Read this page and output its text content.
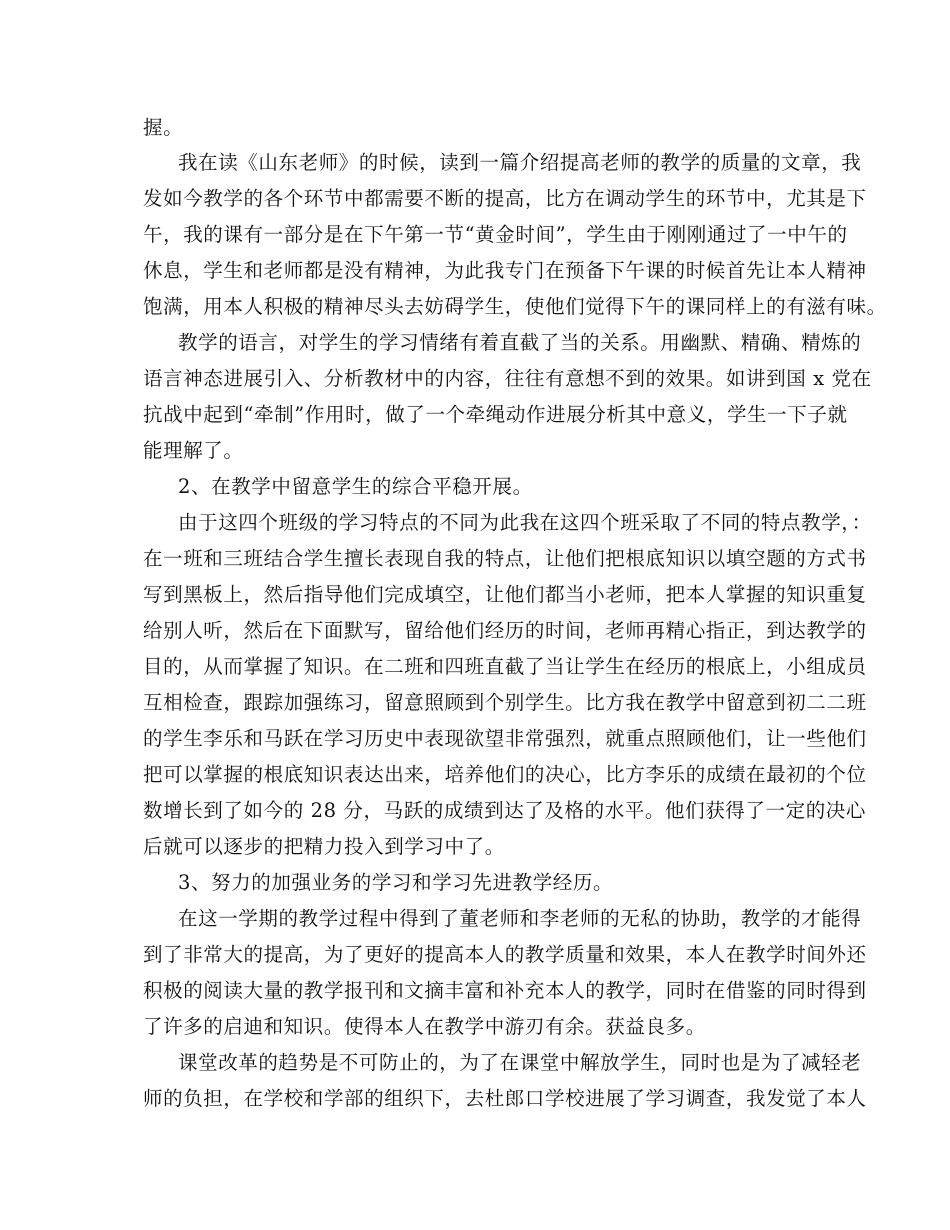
握。
我在读《山东老师》的时候，读到一篇介绍提高老师的教学的质量的文章，我
发如今教学的各个环节中都需要不断的提高，比方在调动学生的环节中，尤其是下
午，我的课有一部分是在下午第一节“黄金时间”，学生由于刚刚通过了一中午的
休息，学生和老师都是没有精神，为此我专门在预备下午课的时候首先让本人精神
饱满，用本人积极的精神尽头去妨碍学生，使他们觉得下午的课同样上的有滋有味。
教学的语言，对学生的学习情绪有着直截了当的关系。用幽默、精确、精炼的
语言神态进展引入、分析教材中的内容，往往有意想不到的效果。如讲到国 x 党在
抗战中起到“牵制”作用时，做了一个牵绳动作进展分析其中意义，学生一下子就
能理解了。
2、在教学中留意学生的综合平稳开展。
由于这四个班级的学习特点的不同为此我在这四个班采取了不同的特点教学，：
在一班和三班结合学生擅长表现自我的特点，让他们把根底知识以填空题的方式书
写到黑板上，然后指导他们完成填空，让他们都当小老师，把本人掌握的知识重复
给别人听，然后在下面默写，留给他们经历的时间，老师再精心指正，到达教学的
目的，从而掌握了知识。在二班和四班直截了当让学生在经历的根底上，小组成员
互相检查，跟踪加强练习，留意照顾到个别学生。比方我在教学中留意到初二二班
的学生李乐和马跃在学习历史中表现欲望非常强烈，就重点照顾他们，让一些他们
把可以掌握的根底知识表达出来，培养他们的决心，比方李乐的成绩在最初的个位
数增长到了如今的 28 分，马跃的成绩到达了及格的水平。他们获得了一定的决心
后就可以逐步的把精力投入到学习中了。
3、努力的加强业务的学习和学习先进教学经历。
在这一学期的教学过程中得到了董老师和李老师的无私的协助，教学的才能得
到了非常大的提高，为了更好的提高本人的教学质量和效果，本人在教学时间外还
积极的阅读大量的教学报刊和文摘丰富和补充本人的教学，同时在借鉴的同时得到
了许多的启迪和知识。使得本人在教学中游刃有余。获益良多。
课堂改革的趋势是不可防止的，为了在课堂中解放学生，同时也是为了减轻老
师的负担，在学校和学部的组织下，去杜郎口学校进展了学习调查，我发觉了本人
